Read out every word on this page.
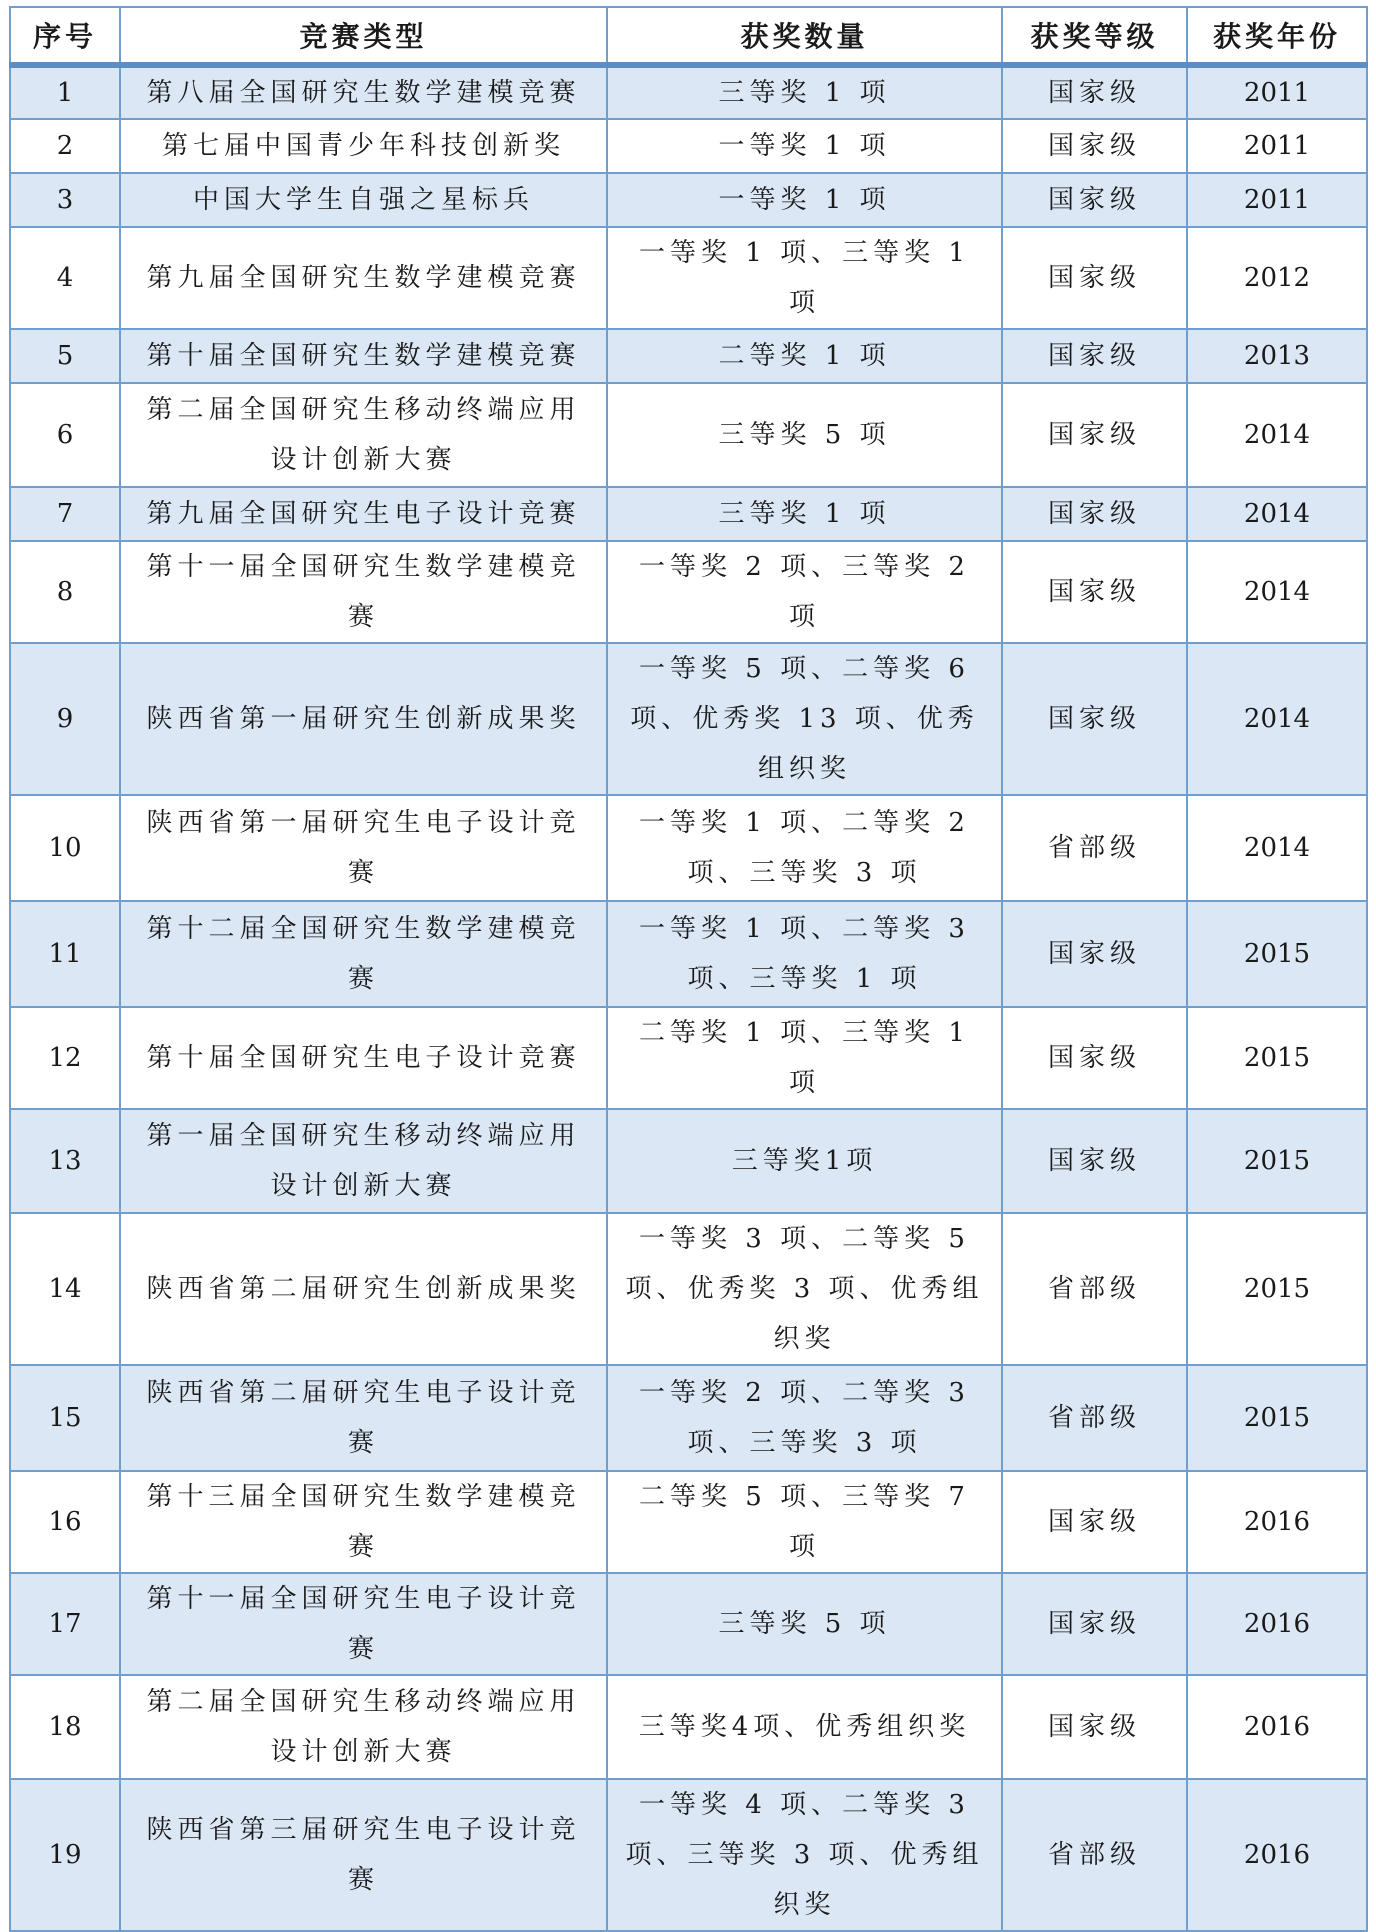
序号	竞赛类型	获奖数量	获奖等级	获奖年份
1	第八届全国研究生数学建模竞赛	三等奖 1 项	国家级	2011
2	第七届中国青少年科技创新奖	一等奖 1 项	国家级	2011
3	中国大学生自强之星标兵	一等奖 1 项	国家级	2011
4	第九届全国研究生数学建模竞赛	一等奖 1 项、三等奖 1 项	国家级	2012
5	第十届全国研究生数学建模竞赛	二等奖 1 项	国家级	2013
6	第二届全国研究生移动终端应用设计创新大赛	三等奖 5 项	国家级	2014
7	第九届全国研究生电子设计竞赛	三等奖 1 项	国家级	2014
8	第十一届全国研究生数学建模竞赛	一等奖 2 项、三等奖 2 项	国家级	2014
9	陕西省第一届研究生创新成果奖	一等奖 5 项、二等奖 6 项、优秀奖 13 项、优秀组织奖	国家级	2014
10	陕西省第一届研究生电子设计竞赛	一等奖 1 项、二等奖 2 项、三等奖 3 项	省部级	2014
11	第十二届全国研究生数学建模竞赛	一等奖 1 项、二等奖 3 项、三等奖 1 项	国家级	2015
12	第十届全国研究生电子设计竞赛	二等奖 1 项、三等奖 1 项	国家级	2015
13	第一届全国研究生移动终端应用设计创新大赛	三等奖1项	国家级	2015
14	陕西省第二届研究生创新成果奖	一等奖 3 项、二等奖 5 项、优秀奖 3 项、优秀组织奖	省部级	2015
15	陕西省第二届研究生电子设计竞赛	一等奖 2 项、二等奖 3 项、三等奖 3 项	省部级	2015
16	第十三届全国研究生数学建模竞赛	二等奖 5 项、三等奖 7 项	国家级	2016
17	第十一届全国研究生电子设计竞赛	三等奖 5 项	国家级	2016
18	第二届全国研究生移动终端应用设计创新大赛	三等奖4项、优秀组织奖	国家级	2016
19	陕西省第三届研究生电子设计竞赛	一等奖 4 项、二等奖 3 项、三等奖 3 项、优秀组织奖	省部级	2016
